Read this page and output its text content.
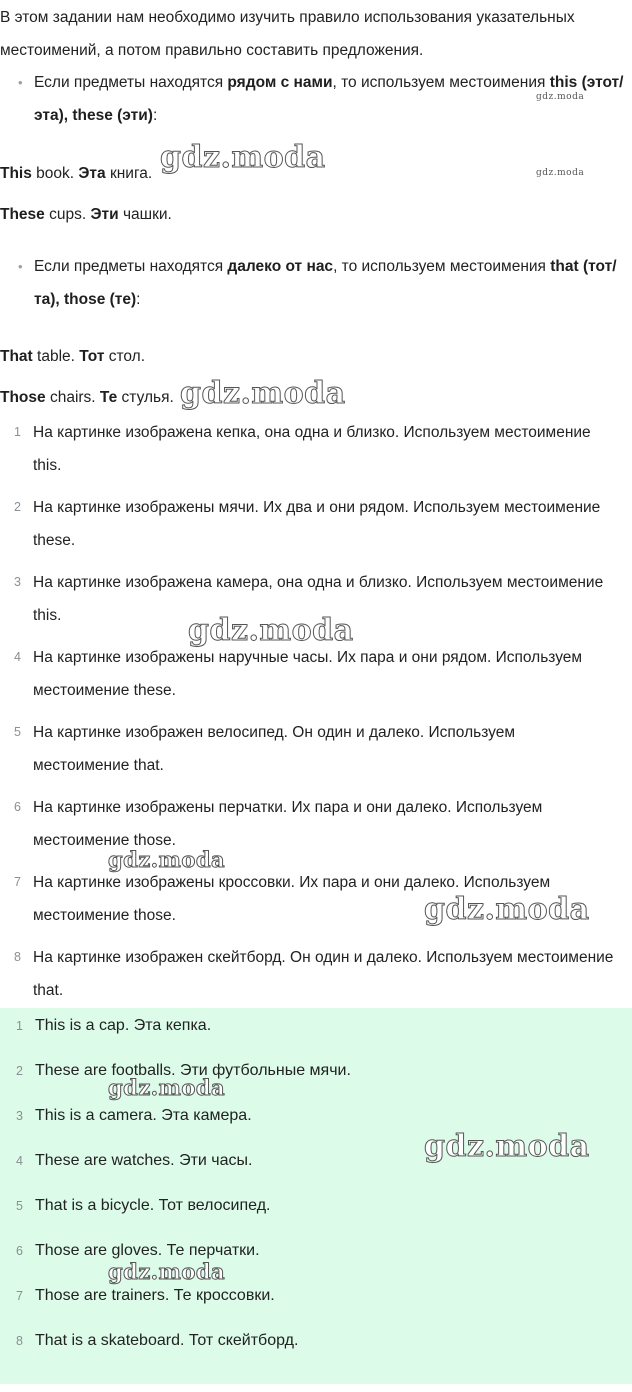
В этом задании нам необходимо изучить правило использования указательных местоимений, а потом правильно составить предложения.

• Если предметы находятся рядом с нами, то используем местоимения this (этот/эта), these (эти):

This book. Эта книга.

These cups. Эти чашки.

• Если предметы находятся далеко от нас, то используем местоимения that (тот/та), those (те):

That table. Тот стол.

Those chairs. Те стулья.

1 На картинке изображена кепка, она одна и близко. Используем местоимение this.
2 На картинке изображены мячи. Их два и они рядом. Используем местоимение these.
3 На картинке изображена камера, она одна и близко. Используем местоимение this.
4 На картинке изображены наручные часы. Их пара и они рядом. Используем местоимение these.
5 На картинке изображен велосипед. Он один и далеко. Используем местоимение that.
6 На картинке изображены перчатки. Их пара и они далеко. Используем местоимение those.
7 На картинке изображены кроссовки. Их пара и они далеко. Используем местоимение those.
8 На картинке изображен скейтборд. Он один и далеко. Используем местоимение that.

1 This is a cap. Эта кепка.

2 These are footballs. Эти футбольные мячи.

3 This is a camera. Эта камера.

4 These are watches. Эти часы.

5 That is a bicycle. Тот велосипед.

6 Those are gloves. Те перчатки.

7 Those are trainers. Те кроссовки.

8 That is a skateboard. Тот скейтборд.

gdz.moda
gdz.moda	gdz.moda
gdz.moda
gdz.moda
gdz.moda
gdz.moda
gdz.moda
gdz.moda
gdz.moda
